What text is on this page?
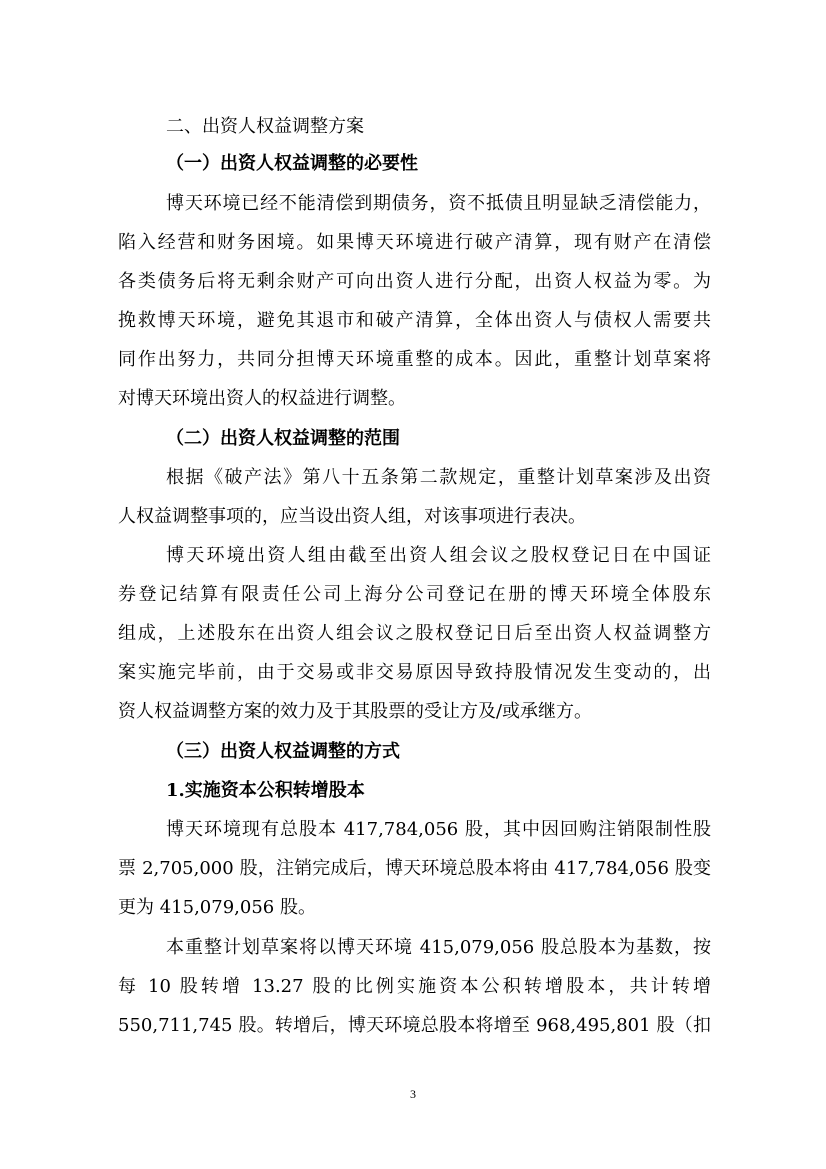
二、出资人权益调整方案

（一）出资人权益调整的必要性

博天环境已经不能清偿到期债务，资不抵债且明显缺乏清偿能力，

陷入经营和财务困境。如果博天环境进行破产清算，现有财产在清偿

各类债务后将无剩余财产可向出资人进行分配，出资人权益为零。为

挽救博天环境，避免其退市和破产清算，全体出资人与债权人需要共

同作出努力，共同分担博天环境重整的成本。因此，重整计划草案将

对博天环境出资人的权益进行调整。

（二）出资人权益调整的范围

根据《破产法》第八十五条第二款规定，重整计划草案涉及出资

人权益调整事项的，应当设出资人组，对该事项进行表决。

博天环境出资人组由截至出资人组会议之股权登记日在中国证

券登记结算有限责任公司上海分公司登记在册的博天环境全体股东

组成，上述股东在出资人组会议之股权登记日后至出资人权益调整方

案实施完毕前，由于交易或非交易原因导致持股情况发生变动的，出

资人权益调整方案的效力及于其股票的受让方及/或承继方。

（三）出资人权益调整的方式

1.实施资本公积转增股本

博天环境现有总股本 417,784,056 股，其中因回购注销限制性股

票 2,705,000 股，注销完成后，博天环境总股本将由 417,784,056 股变

更为 415,079,056 股。

本重整计划草案将以博天环境 415,079,056 股总股本为基数，按

每 10 股转增 13.27 股的比例实施资本公积转增股本，共计转增

550,711,745 股。转增后，博天环境总股本将增至 968,495,801 股（扣

3
